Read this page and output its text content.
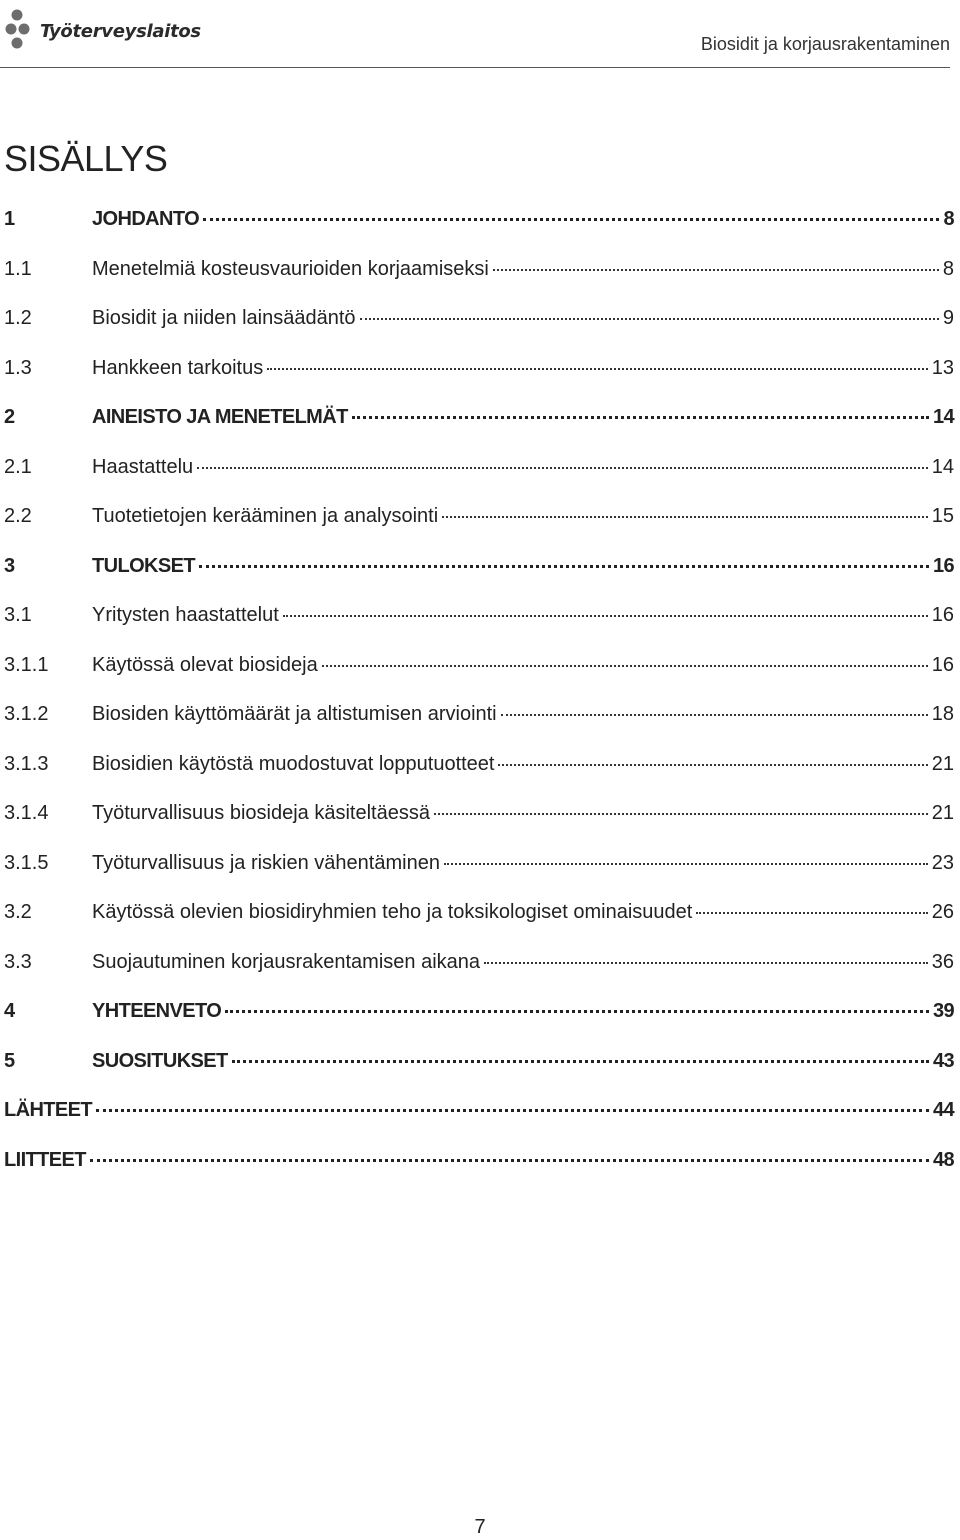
Työterveyslaitos
Biosidit ja korjausrakentaminen
SISÄLLYS
1	JOHDANTO	8
1.1	Menetelmiä kosteusvaurioiden korjaamiseksi	8
1.2	Biosidit ja niiden lainsäädäntö	9
1.3	Hankkeen tarkoitus	13
2	AINEISTO JA MENETELMÄT	14
2.1	Haastattelu	14
2.2	Tuotetietojen kerääminen ja analysointi	15
3	TULOKSET	16
3.1	Yritysten haastattelut	16
3.1.1	Käytössä olevat biosideja	16
3.1.2	Biosiden käyttömäärät ja altistumisen arviointi	18
3.1.3	Biosidien käytöstä muodostuvat lopputuotteet	21
3.1.4	Työturvallisuus biosideja käsiteltäessä	21
3.1.5	Työturvallisuus ja riskien vähentäminen	23
3.2	Käytössä olevien biosidiryhmien teho ja toksikologiset ominaisuudet	26
3.3	Suojautuminen korjausrakentamisen aikana	36
4	YHTEENVETO	39
5	SUOSITUKSET	43
LÄHTEET	44
LIITTEET	48
7
